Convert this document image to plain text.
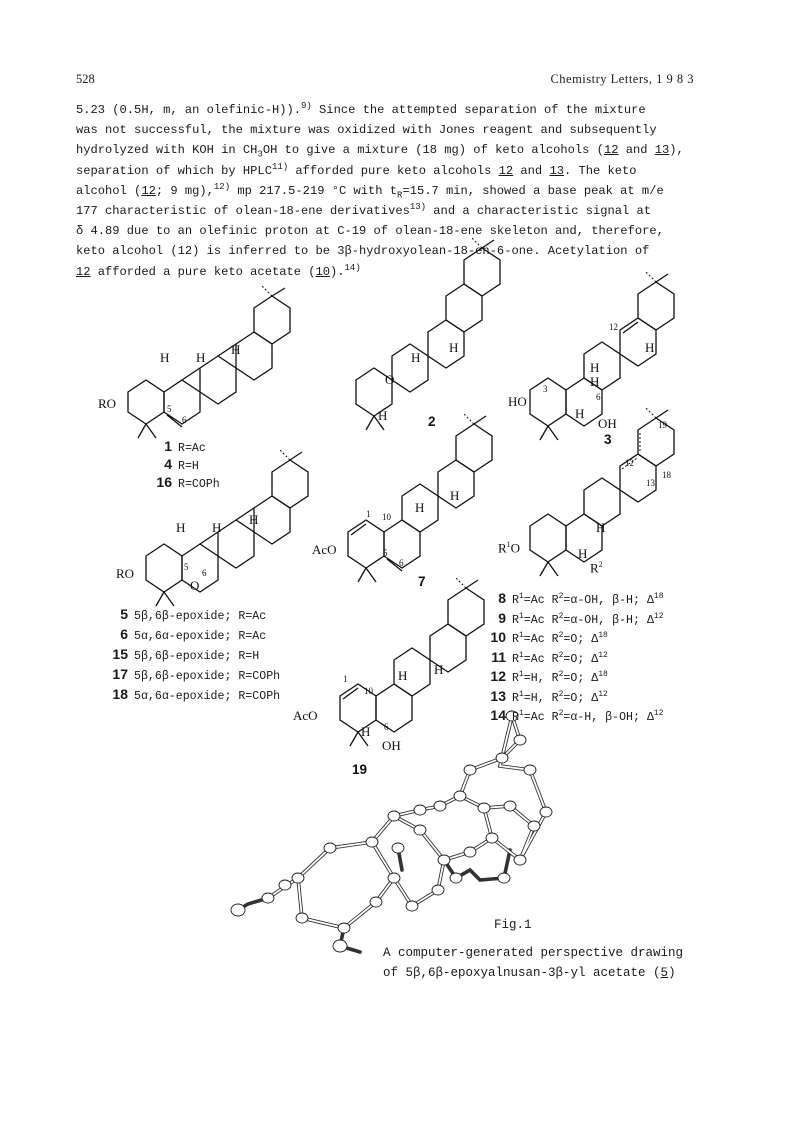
528	Chemistry Letters, 1 9 8 3
5.23 (0.5H, m, an olefinic-H)).$^{9)}$ Since the attempted separation of the mixture
was not successful, the mixture was oxidized with Jones reagent and subsequently
hydrolyzed with KOH in $CH_3OH$ to give a mixture (18 mg) of keto alcohols (12 and 13),
separation of which by HPLC$^{11)}$ afforded pure keto alcohols 12 and 13. The keto
alcohol (12; 9 mg),$^{12)}$ mp 217.5-219 °C with $t_R=15.7$ min, showed a base peak at m/e
177 characteristic of olean-18-ene derivatives$^{13)}$ and a characteristic signal at
δ 4.89 due to an olefinic proton at C-19 of olean-18-ene skeleton and, therefore,
keto alcohol (12) is inferred to be 3β-hydroxyolean-18-en-6-one. Acetylation of
12 afforded a pure keto acetate (10).$^{14)}$
RO
H H
H
5
6
O
H
H
H	2
HO
OH
H
H
H
H
3
6
12
3
RO
H H
H
O
5
6
AcO
H
H
1 10
5
6
7
$R^1O$
$R^2$
H
H
12
13
18
19
AcO
OH
H H
H
1
10
6
19
1 R=Ac
4 R=H
16 R=COPh
5 5β,6β-epoxide; R=Ac
6 5α,6α-epoxide; R=Ac
15 5β,6β-epoxide; R=H
17 5β,6β-epoxide; R=COPh
18 5α,6α-epoxide; R=COPh
8 $R^1=Ac$ $R^2=\alpha-OH$, β-H; $\Delta^{18}$
9 $R^1=Ac$ $R^2=\alpha-OH$, β-H; $\Delta^{12}$
10 $R^1=Ac$ $R^2=O$; $\Delta^{18}$
11 $R^1=Ac$ $R^2=O$; $\Delta^{12}$
12 $R^1=H$, $R^2=O$; $\Delta^{18}$
13 $R^1=H$, $R^2=O$; $\Delta^{12}$
14 $R^1=Ac$ $R^2=\alpha-H$, β-OH; $\Delta^{12}$
Fig.1
A computer-generated perspective drawing
of 5β,6β-epoxyalnusan-3β-yl acetate (5)
